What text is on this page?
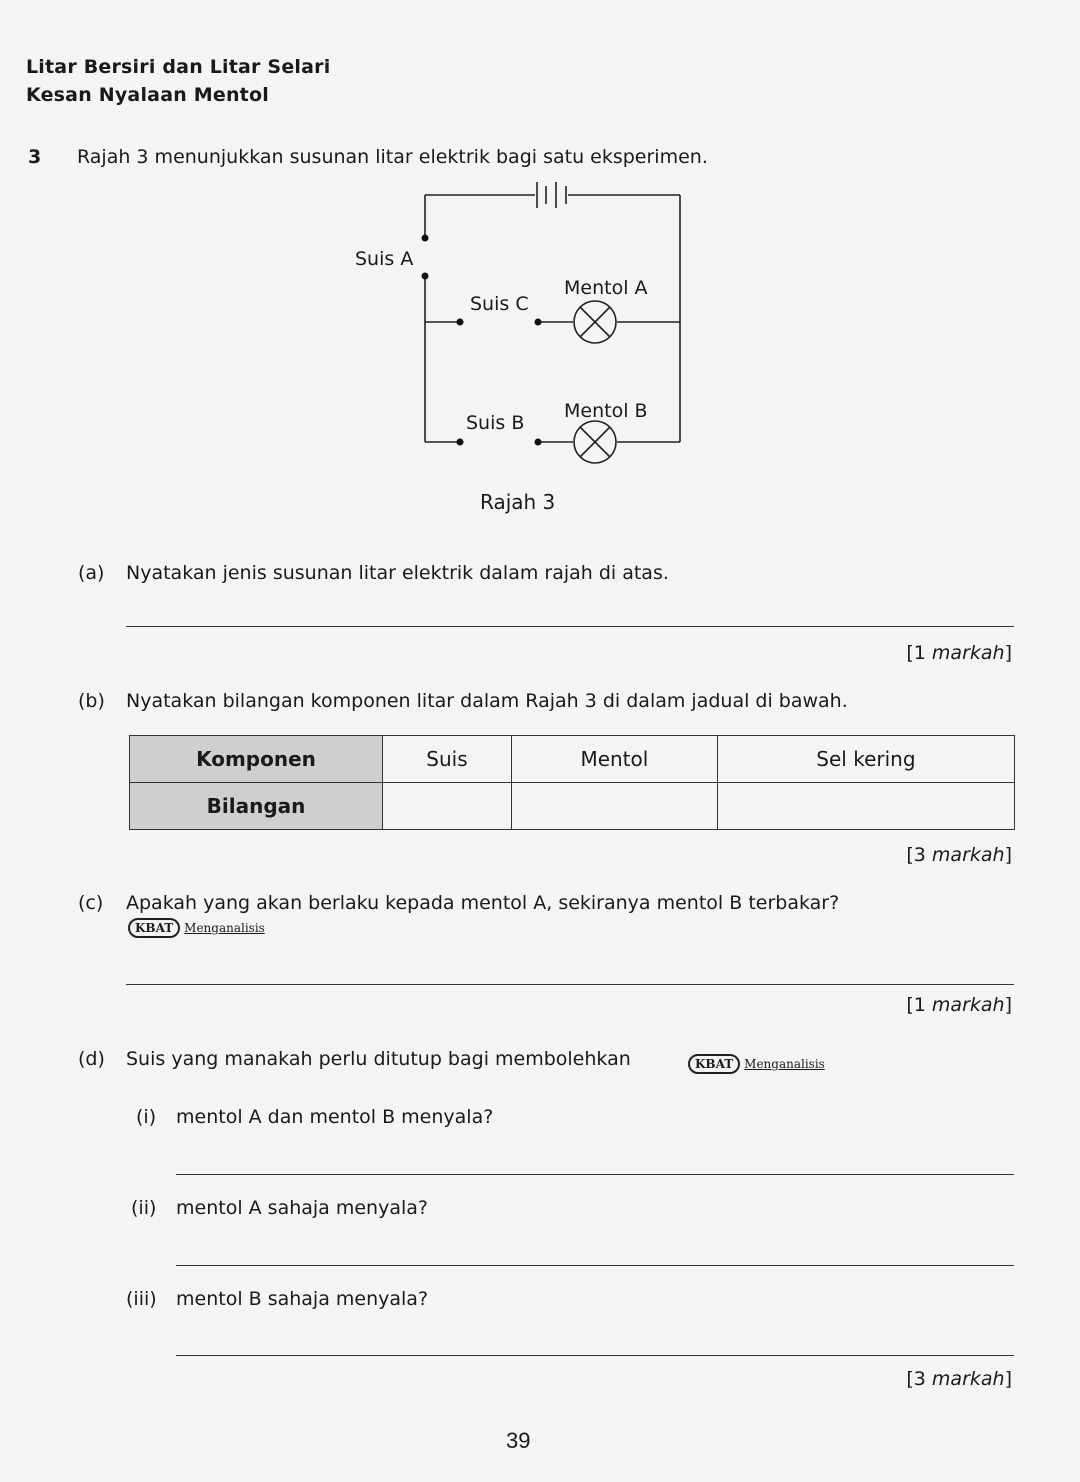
Litar Bersiri dan Litar Selari
Kesan Nyalaan Mentol
3 Rajah 3 menunjukkan susunan litar elektrik bagi satu eksperimen.
Suis A
Suis C
Mentol A
Suis B
Mentol B
Rajah 3
(a) Nyatakan jenis susunan litar elektrik dalam rajah di atas.
[1 markah]
(b) Nyatakan bilangan komponen litar dalam Rajah 3 di dalam jadual di bawah.
Komponen	Suis	Mentol	Sel kering
Bilangan			
[3 markah]
(c) Apakah yang akan berlaku kepada mentol A, sekiranya mentol B terbakar?
KBAT Menganalisis
[1 markah]
(d) Suis yang manakah perlu ditutup bagi membolehkan	KBAT Menganalisis
(i) mentol A dan mentol B menyala?
(ii) mentol A sahaja menyala?
(iii) mentol B sahaja menyala?
[3 markah]
39
